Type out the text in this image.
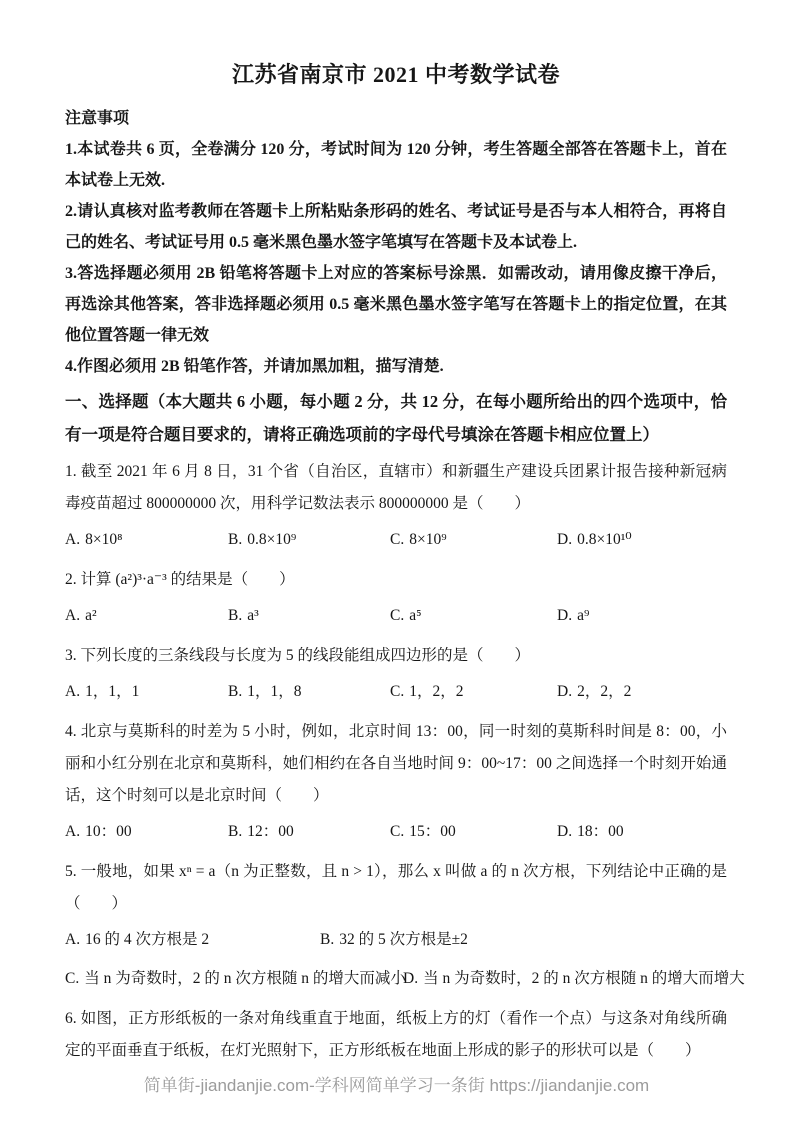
江苏省南京市 2021 中考数学试卷

注意事项

1.本试卷共 6 页，全卷满分 120 分，考试时间为 120 分钟，考生答题全部答在答题卡上，首在本试卷上无效.

2.请认真核对监考教师在答题卡上所粘贴条形码的姓名、考试证号是否与本人相符合，再将自己的姓名、考试证号用 0.5 毫米黑色墨水签字笔填写在答题卡及本试卷上.

3.答选择题必须用 2B 铅笔将答题卡上对应的答案标号涂黑．如需改动，请用像皮擦干净后，再选涂其他答案，答非选择题必须用 0.5 毫米黑色墨水签字笔写在答题卡上的指定位置，在其他位置答题一律无效

4.作图必须用 2B 铅笔作答，并请加黑加粗，描写清楚.

一、选择题（本大题共 6 小题，每小题 2 分，共 12 分，在每小题所给出的四个选项中，恰有一项是符合题目要求的，请将正确选项前的字母代号填涂在答题卡相应位置上）

1. 截至 2021 年 6 月 8 日，31 个省（自治区，直辖市）和新疆生产建设兵团累计报告接种新冠病毒疫苗超过 800000000 次，用科学记数法表示 800000000 是（　　）

A. 8×10⁸	B. 0.8×10⁹	C. 8×10⁹	D. 0.8×10¹⁰

2. 计算 (a²)³·a⁻³ 的结果是（　　）

A. a²	B. a³	C. a⁵	D. a⁹

3. 下列长度的三条线段与长度为 5 的线段能组成四边形的是（　　）

A. 1，1，1	B. 1，1，8	C. 1，2，2	D. 2，2，2

4. 北京与莫斯科的时差为 5 小时，例如，北京时间 13：00，同一时刻的莫斯科时间是 8：00，小丽和小红分别在北京和莫斯科，她们相约在各自当地时间 9：00~17：00 之间选择一个时刻开始通话，这个时刻可以是北京时间（　　）

A. 10：00	B. 12：00	C. 15：00	D. 18：00

5. 一般地，如果 xⁿ = a（n 为正整数，且 n > 1），那么 x 叫做 a 的 n 次方根，下列结论中正确的是（　　）

A. 16 的 4 次方根是 2	B. 32 的 5 次方根是±2
C. 当 n 为奇数时，2 的 n 次方根随 n 的增大而减小
D. 当 n 为奇数时，2 的 n 次方根随 n 的增大而增大

6. 如图，正方形纸板的一条对角线重直于地面，纸板上方的灯（看作一个点）与这条对角线所确定的平面垂直于纸板，在灯光照射下，正方形纸板在地面上形成的影子的形状可以是（　　）

简单街-jiandanjie.com-学科网简单学习一条街 https://jiandanjie.com
